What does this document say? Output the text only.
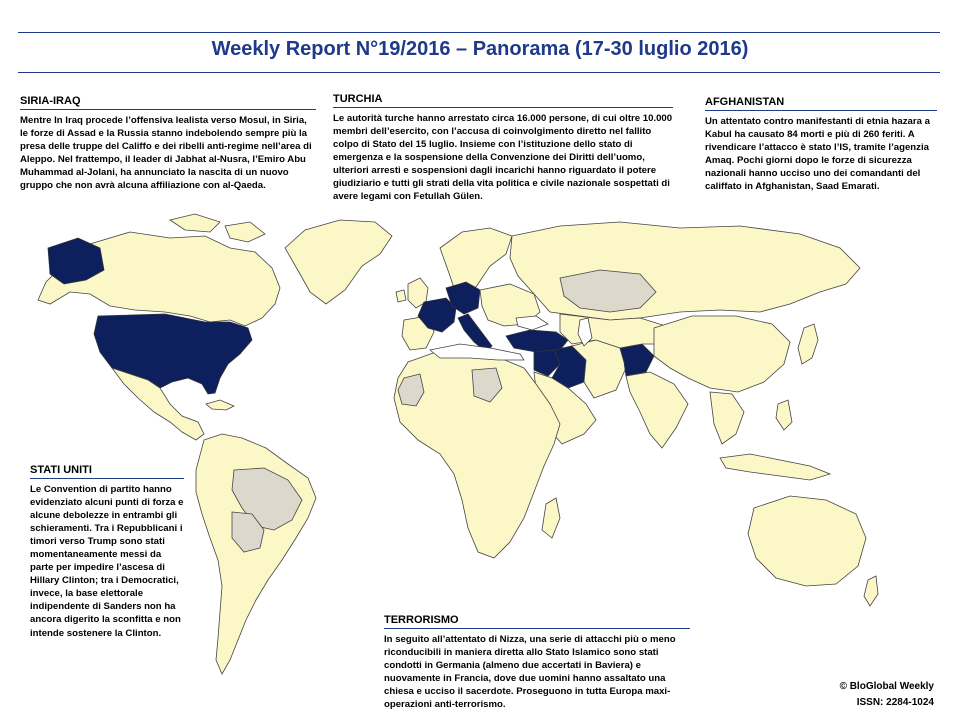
Weekly Report N°19/2016 – Panorama (17-30 luglio 2016)
SIRIA-IRAQ
Mentre In Iraq procede l’offensiva lealista verso Mosul, in Siria, le forze di Assad e la Russia stanno indebolendo sempre più la presa delle truppe del Califfo e dei ribelli anti-regime nell’area di Aleppo. Nel frattempo, il leader di Jabhat al-Nusra, l’Emiro Abu Muhammad al-Jolani, ha annunciato la nascita di un nuovo gruppo che non avrà alcuna affiliazione con al-Qaeda.
TURCHIA
Le autorità turche hanno arrestato circa 16.000 persone, di cui oltre 10.000 membri dell’esercito, con l’accusa di coinvolgimento diretto nel fallito colpo di Stato del 15 luglio. Insieme con l’istituzione dello stato di emergenza e la sospensione della Convenzione dei Diritti dell’uomo, ulteriori arresti e sospensioni dagli incarichi hanno riguardato il potere giudiziario e tutti gli strati della vita politica e civile nazionale sospettati di avere legami con Fetullah Gülen.
AFGHANISTAN
Un attentato contro manifestanti di etnia hazara a Kabul ha causato 84 morti e più di 260 feriti. A rivendicare l’attacco è stato l’IS, tramite l’agenzia Amaq. Pochi giorni dopo le forze di sicurezza nazionali hanno ucciso uno dei comandanti del califfato in Afghanistan, Saad Emarati.
STATI UNITI
Le Convention di partito hanno evidenziato alcuni punti di forza e alcune debolezze in entrambi gli schieramenti. Tra i Repubblicani i timori verso Trump sono stati momentaneamente messi da parte per impedire l’ascesa di Hillary Clinton; tra i Democratici, invece, la base elettorale indipendente di Sanders non ha ancora digerito la sconfitta e non intende sostenere la Clinton.
TERRORISMO
In seguito all’attentato di Nizza, una serie di attacchi più o meno riconducibili in maniera diretta allo Stato Islamico sono stati condotti in Germania (almeno due accertati in Baviera) e nuovamente in Francia, dove due uomini hanno assaltato una chiesa e ucciso il sacerdote. Proseguono in tutta Europa maxi-operazioni anti-terrorismo.
© BloGlobal Weekly
ISSN: 2284-1024
